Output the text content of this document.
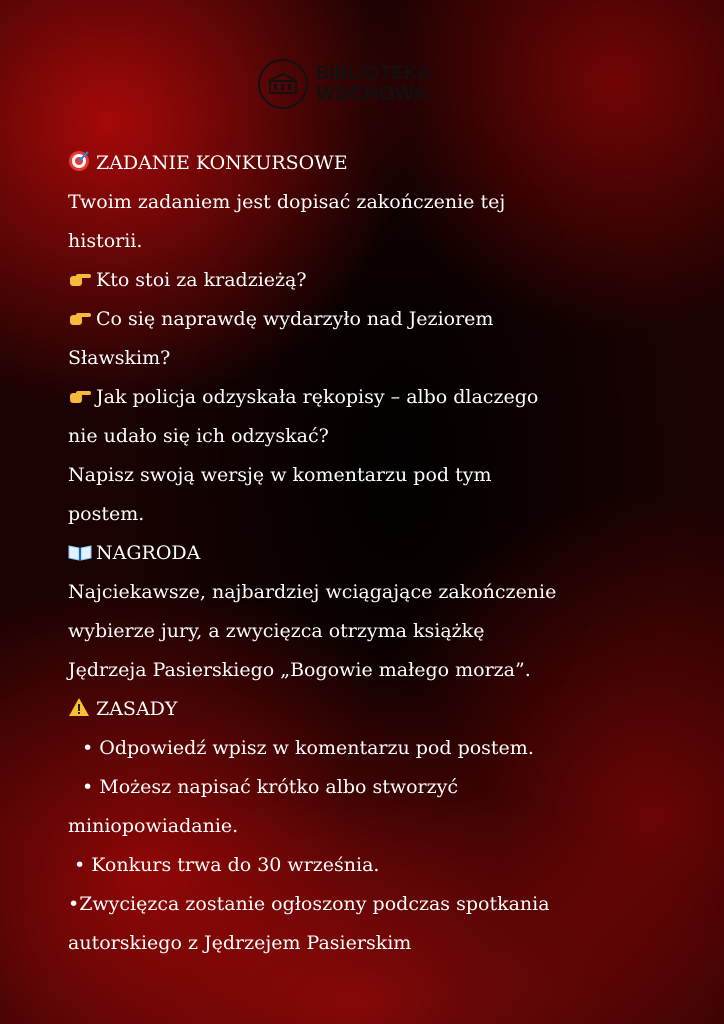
BIBLIOTEKA
WSCHOWA
ZADANIE KONKURSOWE
Twoim zadaniem jest dopisać zakończenie tej
historii.
Kto stoi za kradzieżą?
Co się naprawdę wydarzyło nad Jeziorem
Sławskim?
Jak policja odzyskała rękopisy – albo dlaczego
nie udało się ich odzyskać?
Napisz swoją wersję w komentarzu pod tym
postem.
NAGRODA
Najciekawsze, najbardziej wciągające zakończenie
wybierze jury, a zwycięzca otrzyma książkę
Jędrzeja Pasierskiego „Bogowie małego morza”.
ZASADY
• Odpowiedź wpisz w komentarzu pod postem.
• Możesz napisać krótko albo stworzyć
miniopowiadanie.
• Konkurs trwa do 30 września.
•Zwycięzca zostanie ogłoszony podczas spotkania
autorskiego z Jędrzejem Pasierskim
